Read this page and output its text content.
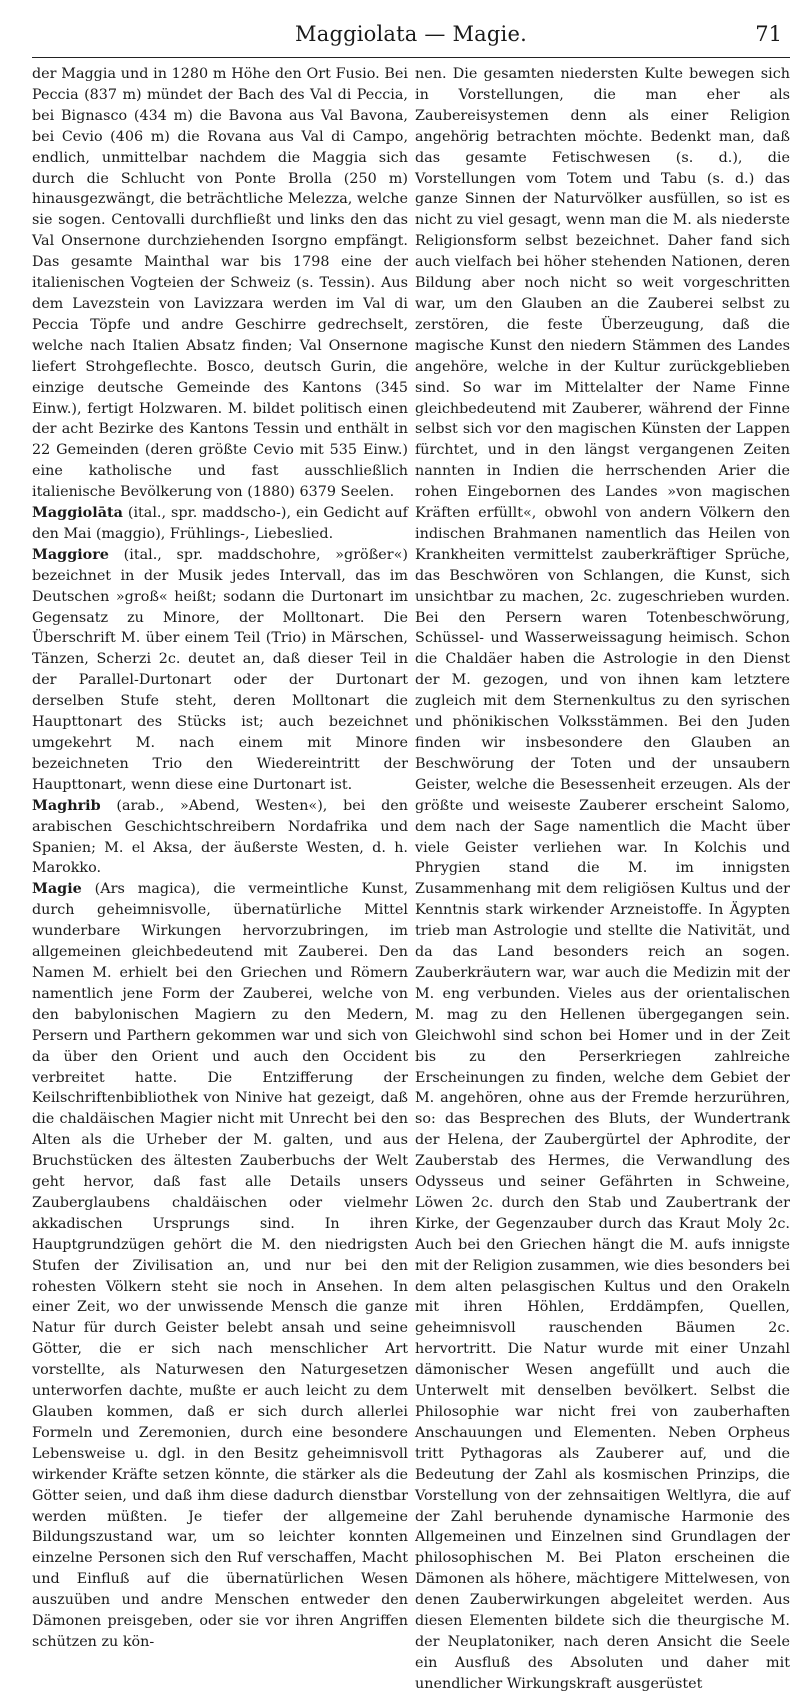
Maggiolata — Magie.	71

der Maggia und in 1280 m Höhe den Ort Fusio. Bei Peccia (837 m) mündet der Bach des Val di Peccia, bei Bignasco (434 m) die Bavona aus Val Bavona, bei Cevio (406 m) die Rovana aus Val di Campo, endlich, unmittelbar nachdem die Maggia sich durch die Schlucht von Ponte Brolla (250 m) hinausgezwängt, die beträchtliche Melezza, welche sie sogen. Centovalli durchfließt und links den das Val Onsernone durchziehenden Isorgno empfängt. Das gesamte Mainthal war bis 1798 eine der italienischen Vogteien der Schweiz (s. Tessin). Aus dem Lavezstein von Lavizzara werden im Val di Peccia Töpfe und andre Geschirre gedrechselt, welche nach Italien Absatz finden; Val Onsernone liefert Strohgeflechte. Bosco, deutsch Gurin, die einzige deutsche Gemeinde des Kantons (345 Einw.), fertigt Holzwaren. M. bildet politisch einen der acht Bezirke des Kantons Tessin und enthält in 22 Gemeinden (deren größte Cevio mit 535 Einw.) eine katholische und fast ausschließlich italienische Bevölkerung von (1880) 6379 Seelen.

Maggiolāta (ital., spr. maddscho-), ein Gedicht auf den Mai (maggio), Frühlings-, Liebeslied.

Maggiore (ital., spr. maddschohre, »größer«) bezeichnet in der Musik jedes Intervall, das im Deutschen »groß« heißt; sodann die Durtonart im Gegensatz zu Minore, der Molltonart. Die Überschrift M. über einem Teil (Trio) in Märschen, Tänzen, Scherzi 2c. deutet an, daß dieser Teil in der Parallel-Durtonart oder der Durtonart derselben Stufe steht, deren Molltonart die Haupttonart des Stücks ist; auch bezeichnet umgekehrt M. nach einem mit Minore bezeichneten Trio den Wiedereintritt der Haupttonart, wenn diese eine Durtonart ist.

Maghrib (arab., »Abend, Westen«), bei den arabischen Geschichtschreibern Nordafrika und Spanien; M. el Aksa, der äußerste Westen, d. h. Marokko.

Magie (Ars magica), die vermeintliche Kunst, durch geheimnisvolle, übernatürliche Mittel wunderbare Wirkungen hervorzubringen, im allgemeinen gleichbedeutend mit Zauberei. Den Namen M. erhielt bei den Griechen und Römern namentlich jene Form der Zauberei, welche von den babylonischen Magiern zu den Medern, Persern und Parthern gekommen war und sich von da über den Orient und auch den Occident verbreitet hatte. Die Entzifferung der Keilschriftenbibliothek von Ninive hat gezeigt, daß die chaldäischen Magier nicht mit Unrecht bei den Alten als die Urheber der M. galten, und aus Bruchstücken des ältesten Zauberbuchs der Welt geht hervor, daß fast alle Details unsers Zauberglaubens chaldäischen oder vielmehr akkadischen Ursprungs sind. In ihren Hauptgrundzügen gehört die M. den niedrigsten Stufen der Zivilisation an, und nur bei den rohesten Völkern steht sie noch in Ansehen. In einer Zeit, wo der unwissende Mensch die ganze Natur für durch Geister belebt ansah und seine Götter, die er sich nach menschlicher Art vorstellte, als Naturwesen den Naturgesetzen unterworfen dachte, mußte er auch leicht zu dem Glauben kommen, daß er sich durch allerlei Formeln und Zeremonien, durch eine besondere Lebensweise u. dgl. in den Besitz geheimnisvoll wirkender Kräfte setzen könnte, die stärker als die Götter seien, und daß ihm diese dadurch dienstbar werden müßten. Je tiefer der allgemeine Bildungszustand war, um so leichter konnten einzelne Personen sich den Ruf verschaffen, Macht und Einfluß auf die übernatürlichen Wesen auszuüben und andre Menschen entweder den Dämonen preisgeben, oder sie vor ihren Angriffen schützen zu kön-

nen. Die gesamten niedersten Kulte bewegen sich in Vorstellungen, die man eher als Zaubereisystemen denn als einer Religion angehörig betrachten möchte. Bedenkt man, daß das gesamte Fetischwesen (s. d.), die Vorstellungen vom Totem und Tabu (s. d.) das ganze Sinnen der Naturvölker ausfüllen, so ist es nicht zu viel gesagt, wenn man die M. als niederste Religionsform selbst bezeichnet. Daher fand sich auch vielfach bei höher stehenden Nationen, deren Bildung aber noch nicht so weit vorgeschritten war, um den Glauben an die Zauberei selbst zu zerstören, die feste Überzeugung, daß die magische Kunst den niedern Stämmen des Landes angehöre, welche in der Kultur zurückgeblieben sind. So war im Mittelalter der Name Finne gleichbedeutend mit Zauberer, während der Finne selbst sich vor den magischen Künsten der Lappen fürchtet, und in den längst vergangenen Zeiten nannten in Indien die herrschenden Arier die rohen Eingebornen des Landes »von magischen Kräften erfüllt«, obwohl von andern Völkern den indischen Brahmanen namentlich das Heilen von Krankheiten vermittelst zauberkräftiger Sprüche, das Beschwören von Schlangen, die Kunst, sich unsichtbar zu machen, 2c. zugeschrieben wurden. Bei den Persern waren Totenbeschwörung, Schüssel- und Wasserweissagung heimisch. Schon die Chaldäer haben die Astrologie in den Dienst der M. gezogen, und von ihnen kam letztere zugleich mit dem Sternenkultus zu den syrischen und phönikischen Volksstämmen. Bei den Juden finden wir insbesondere den Glauben an Beschwörung der Toten und der unsaubern Geister, welche die Besessenheit erzeugen. Als der größte und weiseste Zauberer erscheint Salomo, dem nach der Sage namentlich die Macht über viele Geister verliehen war. In Kolchis und Phrygien stand die M. im innigsten Zusammenhang mit dem religiösen Kultus und der Kenntnis stark wirkender Arzneistoffe. In Ägypten trieb man Astrologie und stellte die Nativität, und da das Land besonders reich an sogen. Zauberkräutern war, war auch die Medizin mit der M. eng verbunden. Vieles aus der orientalischen M. mag zu den Hellenen übergegangen sein. Gleichwohl sind schon bei Homer und in der Zeit bis zu den Perserkriegen zahlreiche Erscheinungen zu finden, welche dem Gebiet der M. angehören, ohne aus der Fremde herzurühren, so: das Besprechen des Bluts, der Wundertrank der Helena, der Zaubergürtel der Aphrodite, der Zauberstab des Hermes, die Verwandlung des Odysseus und seiner Gefährten in Schweine, Löwen 2c. durch den Stab und Zaubertrank der Kirke, der Gegenzauber durch das Kraut Moly 2c. Auch bei den Griechen hängt die M. aufs innigste mit der Religion zusammen, wie dies besonders bei dem alten pelasgischen Kultus und den Orakeln mit ihren Höhlen, Erddämpfen, Quellen, geheimnisvoll rauschenden Bäumen 2c. hervortritt. Die Natur wurde mit einer Unzahl dämonischer Wesen angefüllt und auch die Unterwelt mit denselben bevölkert. Selbst die Philosophie war nicht frei von zauberhaften Anschauungen und Elementen. Neben Orpheus tritt Pythagoras als Zauberer auf, und die Bedeutung der Zahl als kosmischen Prinzips, die Vorstellung von der zehnsaitigen Weltlyra, die auf der Zahl beruhende dynamische Harmonie des Allgemeinen und Einzelnen sind Grundlagen der philosophischen M. Bei Platon erscheinen die Dämonen als höhere, mächtigere Mittelwesen, von denen Zauberwirkungen abgeleitet werden. Aus diesen Elementen bildete sich die theurgische M. der Neuplatoniker, nach deren Ansicht die Seele ein Ausfluß des Absoluten und daher mit unendlicher Wirkungskraft ausgerüstet
